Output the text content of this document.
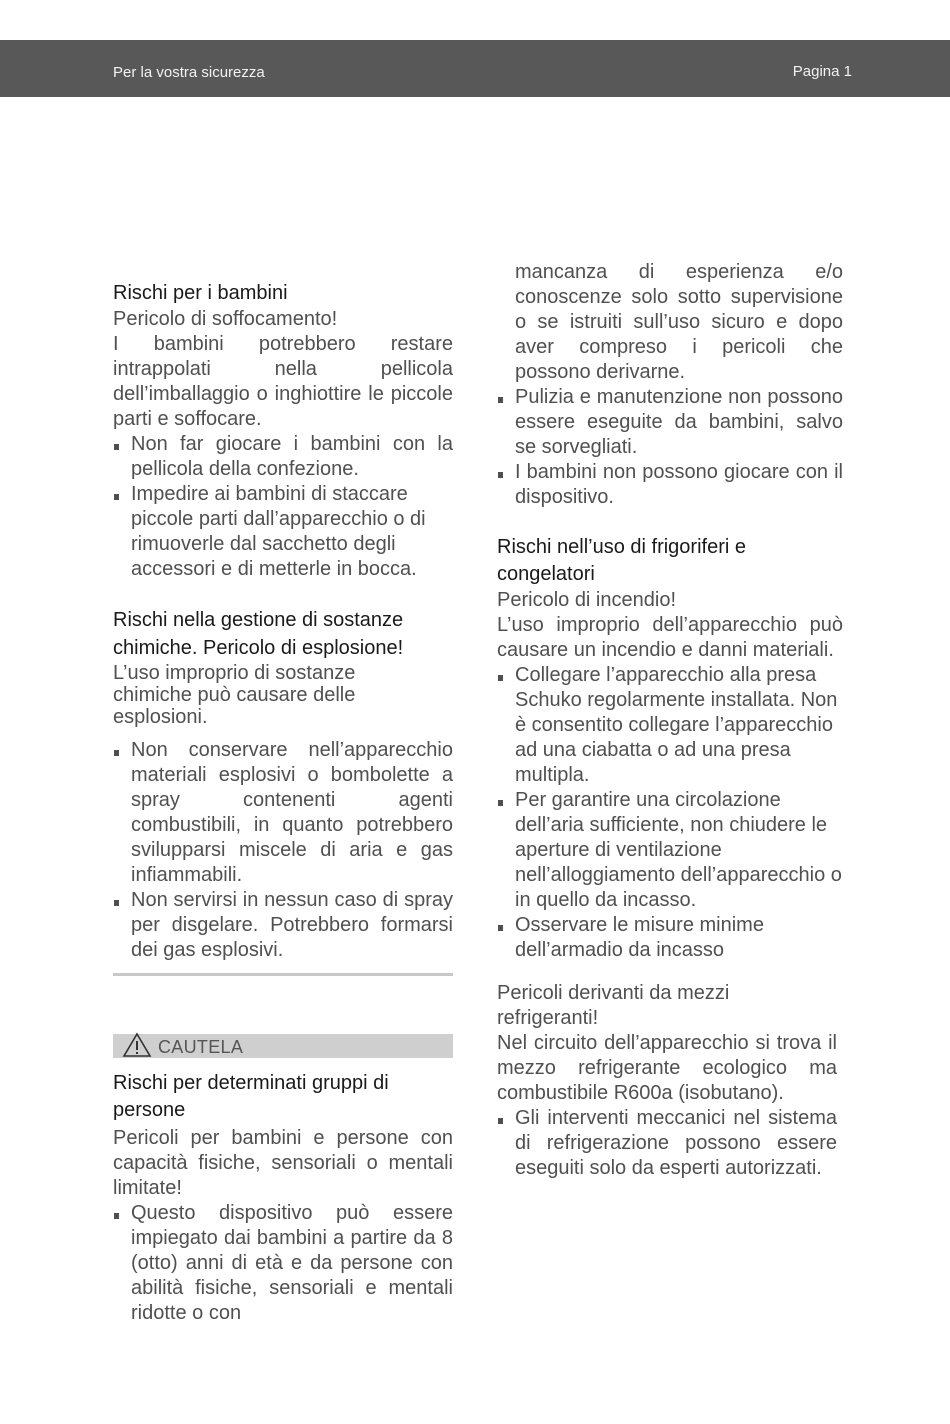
Per la vostra sicurezza	Pagina 1
Rischi per i bambini
Pericolo di soffocamento!
I bambini potrebbero restare intrappolati nella pellicola dell’imballaggio o inghiottire le piccole parti e soffocare.
Non far giocare i bambini con la pellicola della confezione.
Impedire ai bambini di staccare piccole parti dall’apparecchio o di rimuoverle dal sacchetto degli accessori e di metterle in bocca.
Rischi nella gestione di sostanze
chimiche. Pericolo di esplosione!
L’uso improprio di sostanze chimiche può causare delle esplosioni.
Non conservare nell’apparecchio materiali esplosivi o bombolette a spray contenenti agenti combustibili, in quanto potrebbero svilupparsi miscele di aria e gas infiammabili.
Non servirsi in nessun caso di spray per disgelare. Potrebbero formarsi dei gas esplosivi.
CAUTELA
Rischi per determinati gruppi di persone
Pericoli per bambini e persone con capacità fisiche, sensoriali o mentali limitate!
Questo dispositivo può essere impiegato dai bambini a partire da 8 (otto) anni di età e da persone con abilità fisiche, sensoriali e mentali ridotte o con
mancanza di esperienza e/o conoscenze solo sotto supervisione o se istruiti sull’uso sicuro e dopo aver compreso i pericoli che possono derivarne.
Pulizia e manutenzione non possono essere eseguite da bambini, salvo se sorvegliati.
I bambini non possono giocare con il dispositivo.
Rischi nell’uso di frigoriferi e congelatori
Pericolo di incendio!
L’uso improprio dell’apparecchio può causare un incendio e danni materiali.
Collegare l’apparecchio alla presa Schuko regolarmente installata. Non è consentito collegare l’apparecchio ad una ciabatta o ad una presa multipla.
Per garantire una circolazione dell’aria sufficiente, non chiudere le aperture di ventilazione nell’alloggiamento dell’apparecchio o in quello da incasso.
Osservare le misure minime dell’armadio da incasso
Pericoli derivanti da mezzi refrigeranti!
Nel circuito dell’apparecchio si trova il mezzo refrigerante ecologico ma combustibile R600a (isobutano).
Gli interventi meccanici nel sistema di refrigerazione possono essere eseguiti solo da esperti autorizzati.
